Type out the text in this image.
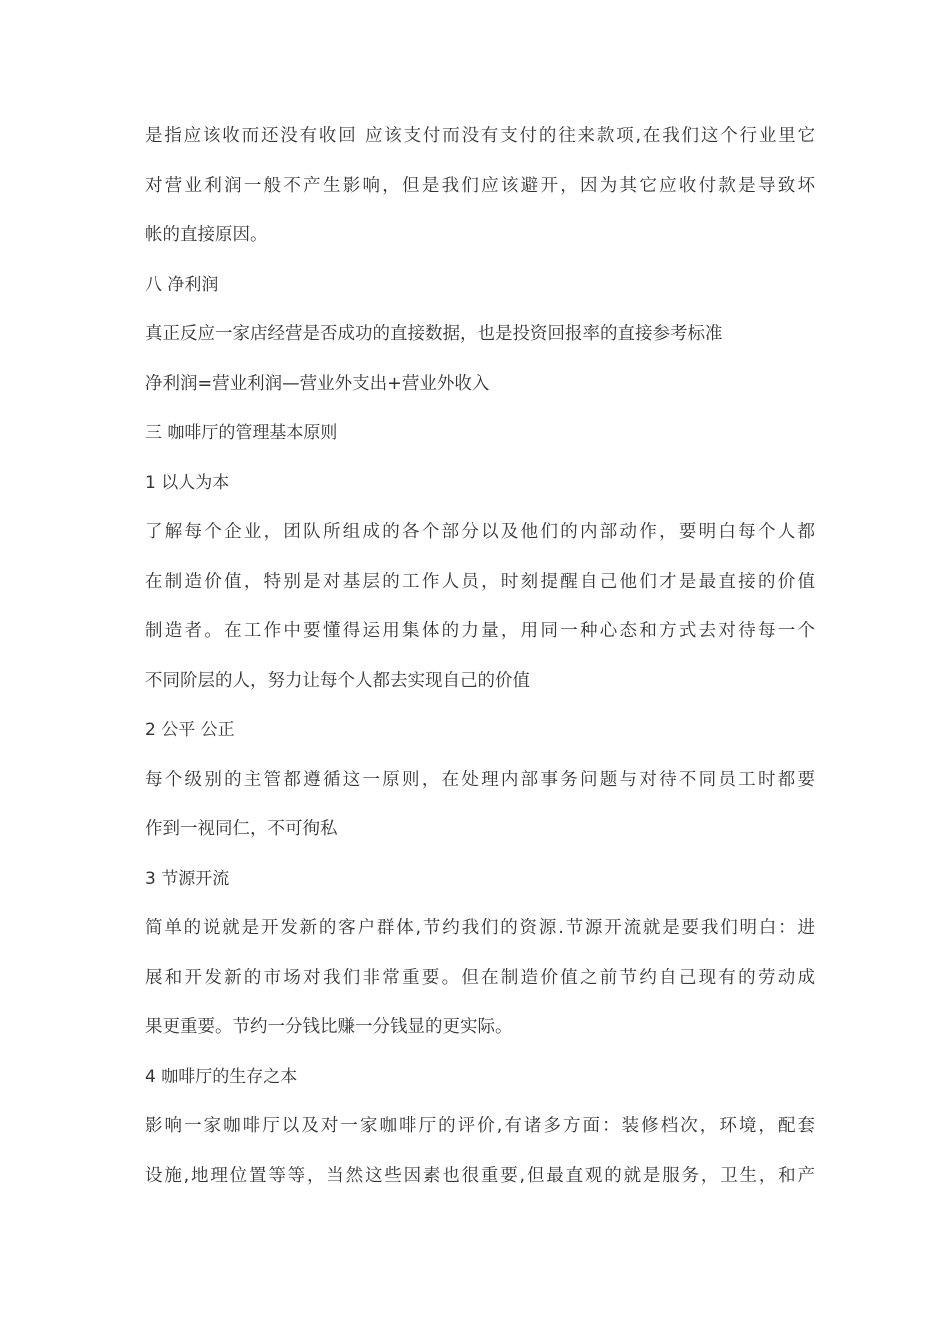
是指应该收而还没有收回 应该支付而没有支付的往来款项,在我们这个行业里它

对营业利润一般不产生影响，但是我们应该避开，因为其它应收付款是导致坏

帐的直接原因。

八 净利润

真正反应一家店经营是否成功的直接数据，也是投资回报率的直接参考标准

净利润=营业利润—营业外支出+营业外收入

三 咖啡厅的管理基本原则

1 以人为本

了解每个企业，团队所组成的各个部分以及他们的内部动作，要明白每个人都

在制造价值，特别是对基层的工作人员，时刻提醒自己他们才是最直接的价值

制造者。在工作中要懂得运用集体的力量，用同一种心态和方式去对待每一个

不同阶层的人，努力让每个人都去实现自己的价值

2 公平 公正

每个级别的主管都遵循这一原则，在处理内部事务问题与对待不同员工时都要

作到一视同仁，不可徇私

3 节源开流

简单的说就是开发新的客户群体,节约我们的资源.节源开流就是要我们明白：进

展和开发新的市场对我们非常重要。但在制造价值之前节约自己现有的劳动成

果更重要。节约一分钱比赚一分钱显的更实际。

4 咖啡厅的生存之本

影响一家咖啡厅以及对一家咖啡厅的评价,有诸多方面：装修档次，环境，配套

设施,地理位置等等，当然这些因素也很重要,但最直观的就是服务，卫生，和产
